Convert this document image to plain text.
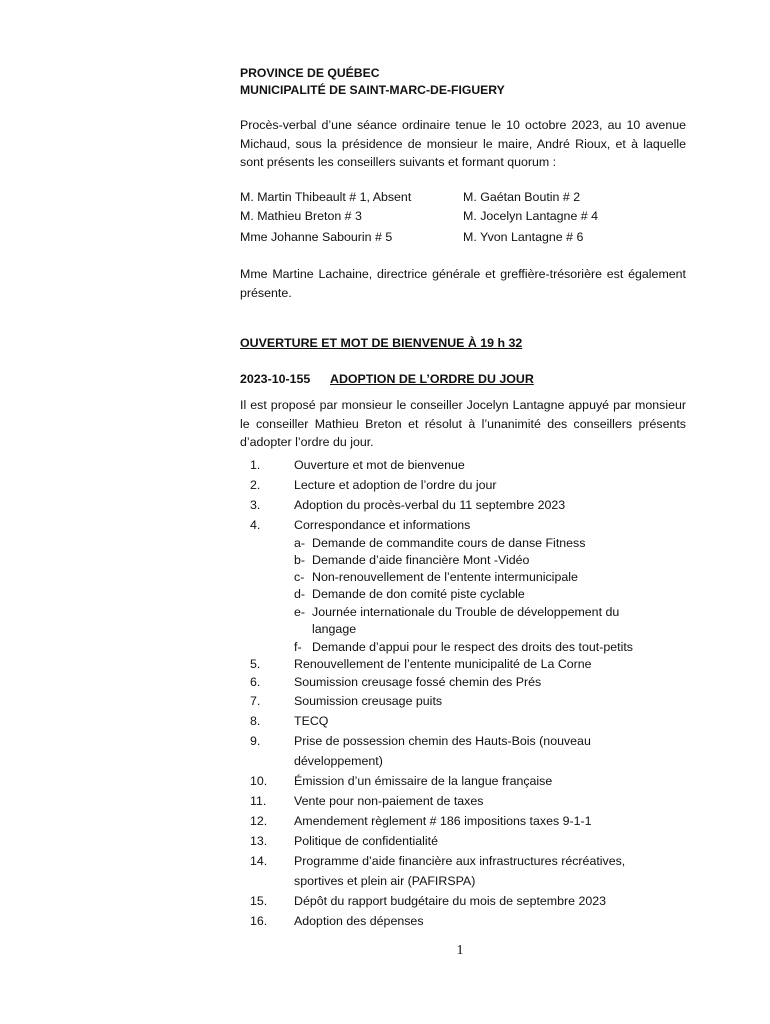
PROVINCE DE QUÉBEC
MUNICIPALITÉ DE SAINT-MARC-DE-FIGUERY
Procès-verbal d’une séance ordinaire tenue le 10 octobre 2023, au 10 avenue Michaud, sous la présidence de monsieur le maire, André Rioux, et à laquelle sont présents les conseillers suivants et formant quorum :
M. Martin Thibeault # 1, Absent	M. Gaétan Boutin # 2
M. Mathieu Breton # 3	M. Jocelyn Lantagne # 4
Mme Johanne Sabourin # 5	M. Yvon Lantagne # 6
Mme Martine Lachaine, directrice générale et greffière-trésorière est également présente.
OUVERTURE ET MOT DE BIENVENUE À 19 h 32
2023-10-155 ADOPTION DE L’ORDRE DU JOUR
Il est proposé par monsieur le conseiller Jocelyn Lantagne appuyé par monsieur le conseiller Mathieu Breton et résolut à l’unanimité des conseillers présents d’adopter l’ordre du jour.
1.	Ouverture et mot de bienvenue
2.	Lecture et adoption de l’ordre du jour
3.	Adoption du procès-verbal du 11 septembre 2023
4.	Correspondance et informations
a- Demande de commandite cours de danse Fitness
b- Demande d’aide financière Mont -Vidéo
c- Non-renouvellement de l’entente intermunicipale
d- Demande de don comité piste cyclable
e- Journée internationale du Trouble de développement du
langage
f- Demande d’appui pour le respect des droits des tout-petits
5.	Renouvellement de l’entente municipalité de La Corne
6.	Soumission creusage fossé chemin des Prés
7.	Soumission creusage puits
8.	TECQ
9.	Prise de possession chemin des Hauts-Bois (nouveau
développement)
10. Émission d’un émissaire de la langue française
11. Vente pour non-paiement de taxes
12. Amendement règlement # 186 impositions taxes 9-1-1
13. Politique de confidentialité
14. Programme d’aide financière aux infrastructures récréatives,
sportives et plein air (PAFIRSPA)
15. Dépôt du rapport budgétaire du mois de septembre 2023
16. Adoption des dépenses
1
